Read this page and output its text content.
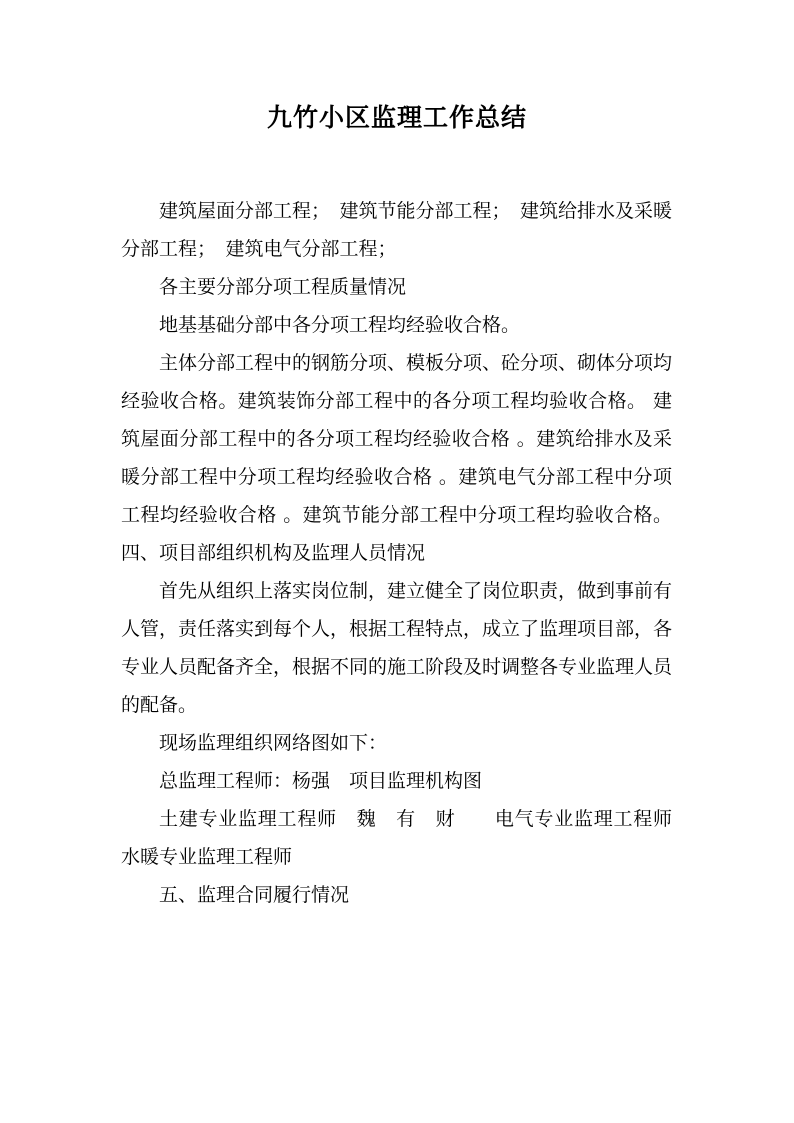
九竹小区监理工作总结

建筑屋面分部工程；　建筑节能分部工程；　建筑给排水及采暖分部工程；　建筑电气分部工程；

各主要分部分项工程质量情况

地基基础分部中各分项工程均经验收合格。

主体分部工程中的钢筋分项、模板分项、砼分项、砌体分项均经验收合格。建筑装饰分部工程中的各分项工程均验收合格。 建筑屋面分部工程中的各分项工程均经验收合格 。建筑给排水及采暖分部工程中分项工程均经验收合格 。建筑电气分部工程中分项工程均经验收合格 。建筑节能分部工程中分项工程均验收合格。四、项目部组织机构及监理人员情况

首先从组织上落实岗位制，建立健全了岗位职责，做到事前有人管，责任落实到每个人，根据工程特点，成立了监理项目部，各专业人员配备齐全，根据不同的施工阶段及时调整各专业监理人员的配备。

现场监理组织网络图如下：

总监理工程师：杨强　项目监理机构图

土建专业监理工程师　魏　有　财　　电气专业监理工程师　水暖专业监理工程师

五、监理合同履行情况
